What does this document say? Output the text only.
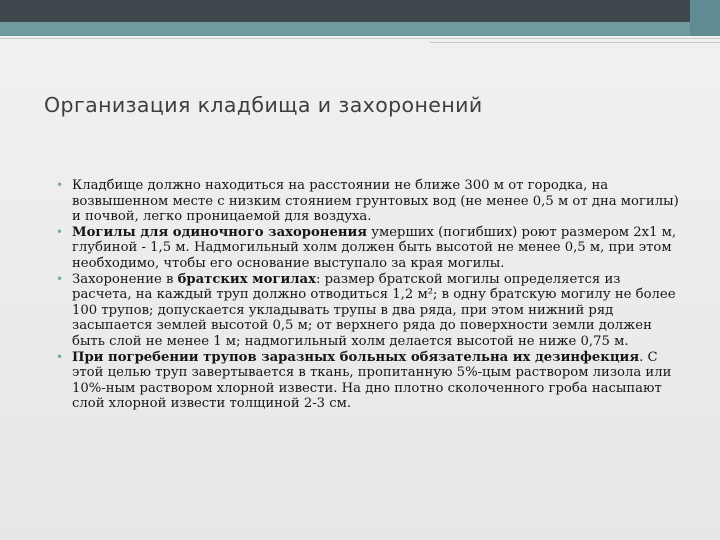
Организация кладбища и захоронений

• Кладбище должно находиться на расстоянии не ближе 300 м от городка, на возвышенном месте с низким стоянием грунтовых вод (не менее 0,5 м от дна могилы) и почвой, легко проницаемой для воздуха.

• Могилы для одиночного захоронения умерших (погибших) роют размером 2х1 м, глубиной - 1,5 м. Надмогильный холм должен быть высотой не менее 0,5 м, при этом необходимо, чтобы его основание выступало за края могилы.

• Захоронение в братских могилах: размер братской могилы определяется из расчета, на каждый труп должно отводиться 1,2 м²; в одну братскую могилу не более 100 трупов; допускается укладывать трупы в два ряда, при этом нижний ряд засыпается землей высотой 0,5 м; от верхнего ряда до поверхности земли должен быть слой не менее 1 м; надмогильный холм делается высотой не ниже 0,75 м.

• При погребении трупов заразных больных обязательна их дезинфекция. С этой целью труп завертывается в ткань, пропитанную 5%-цым раствором лизола или 10%-ным раствором хлорной извести. На дно плотно сколоченного гроба насыпают слой хлорной извести толщиной 2-3 см.
